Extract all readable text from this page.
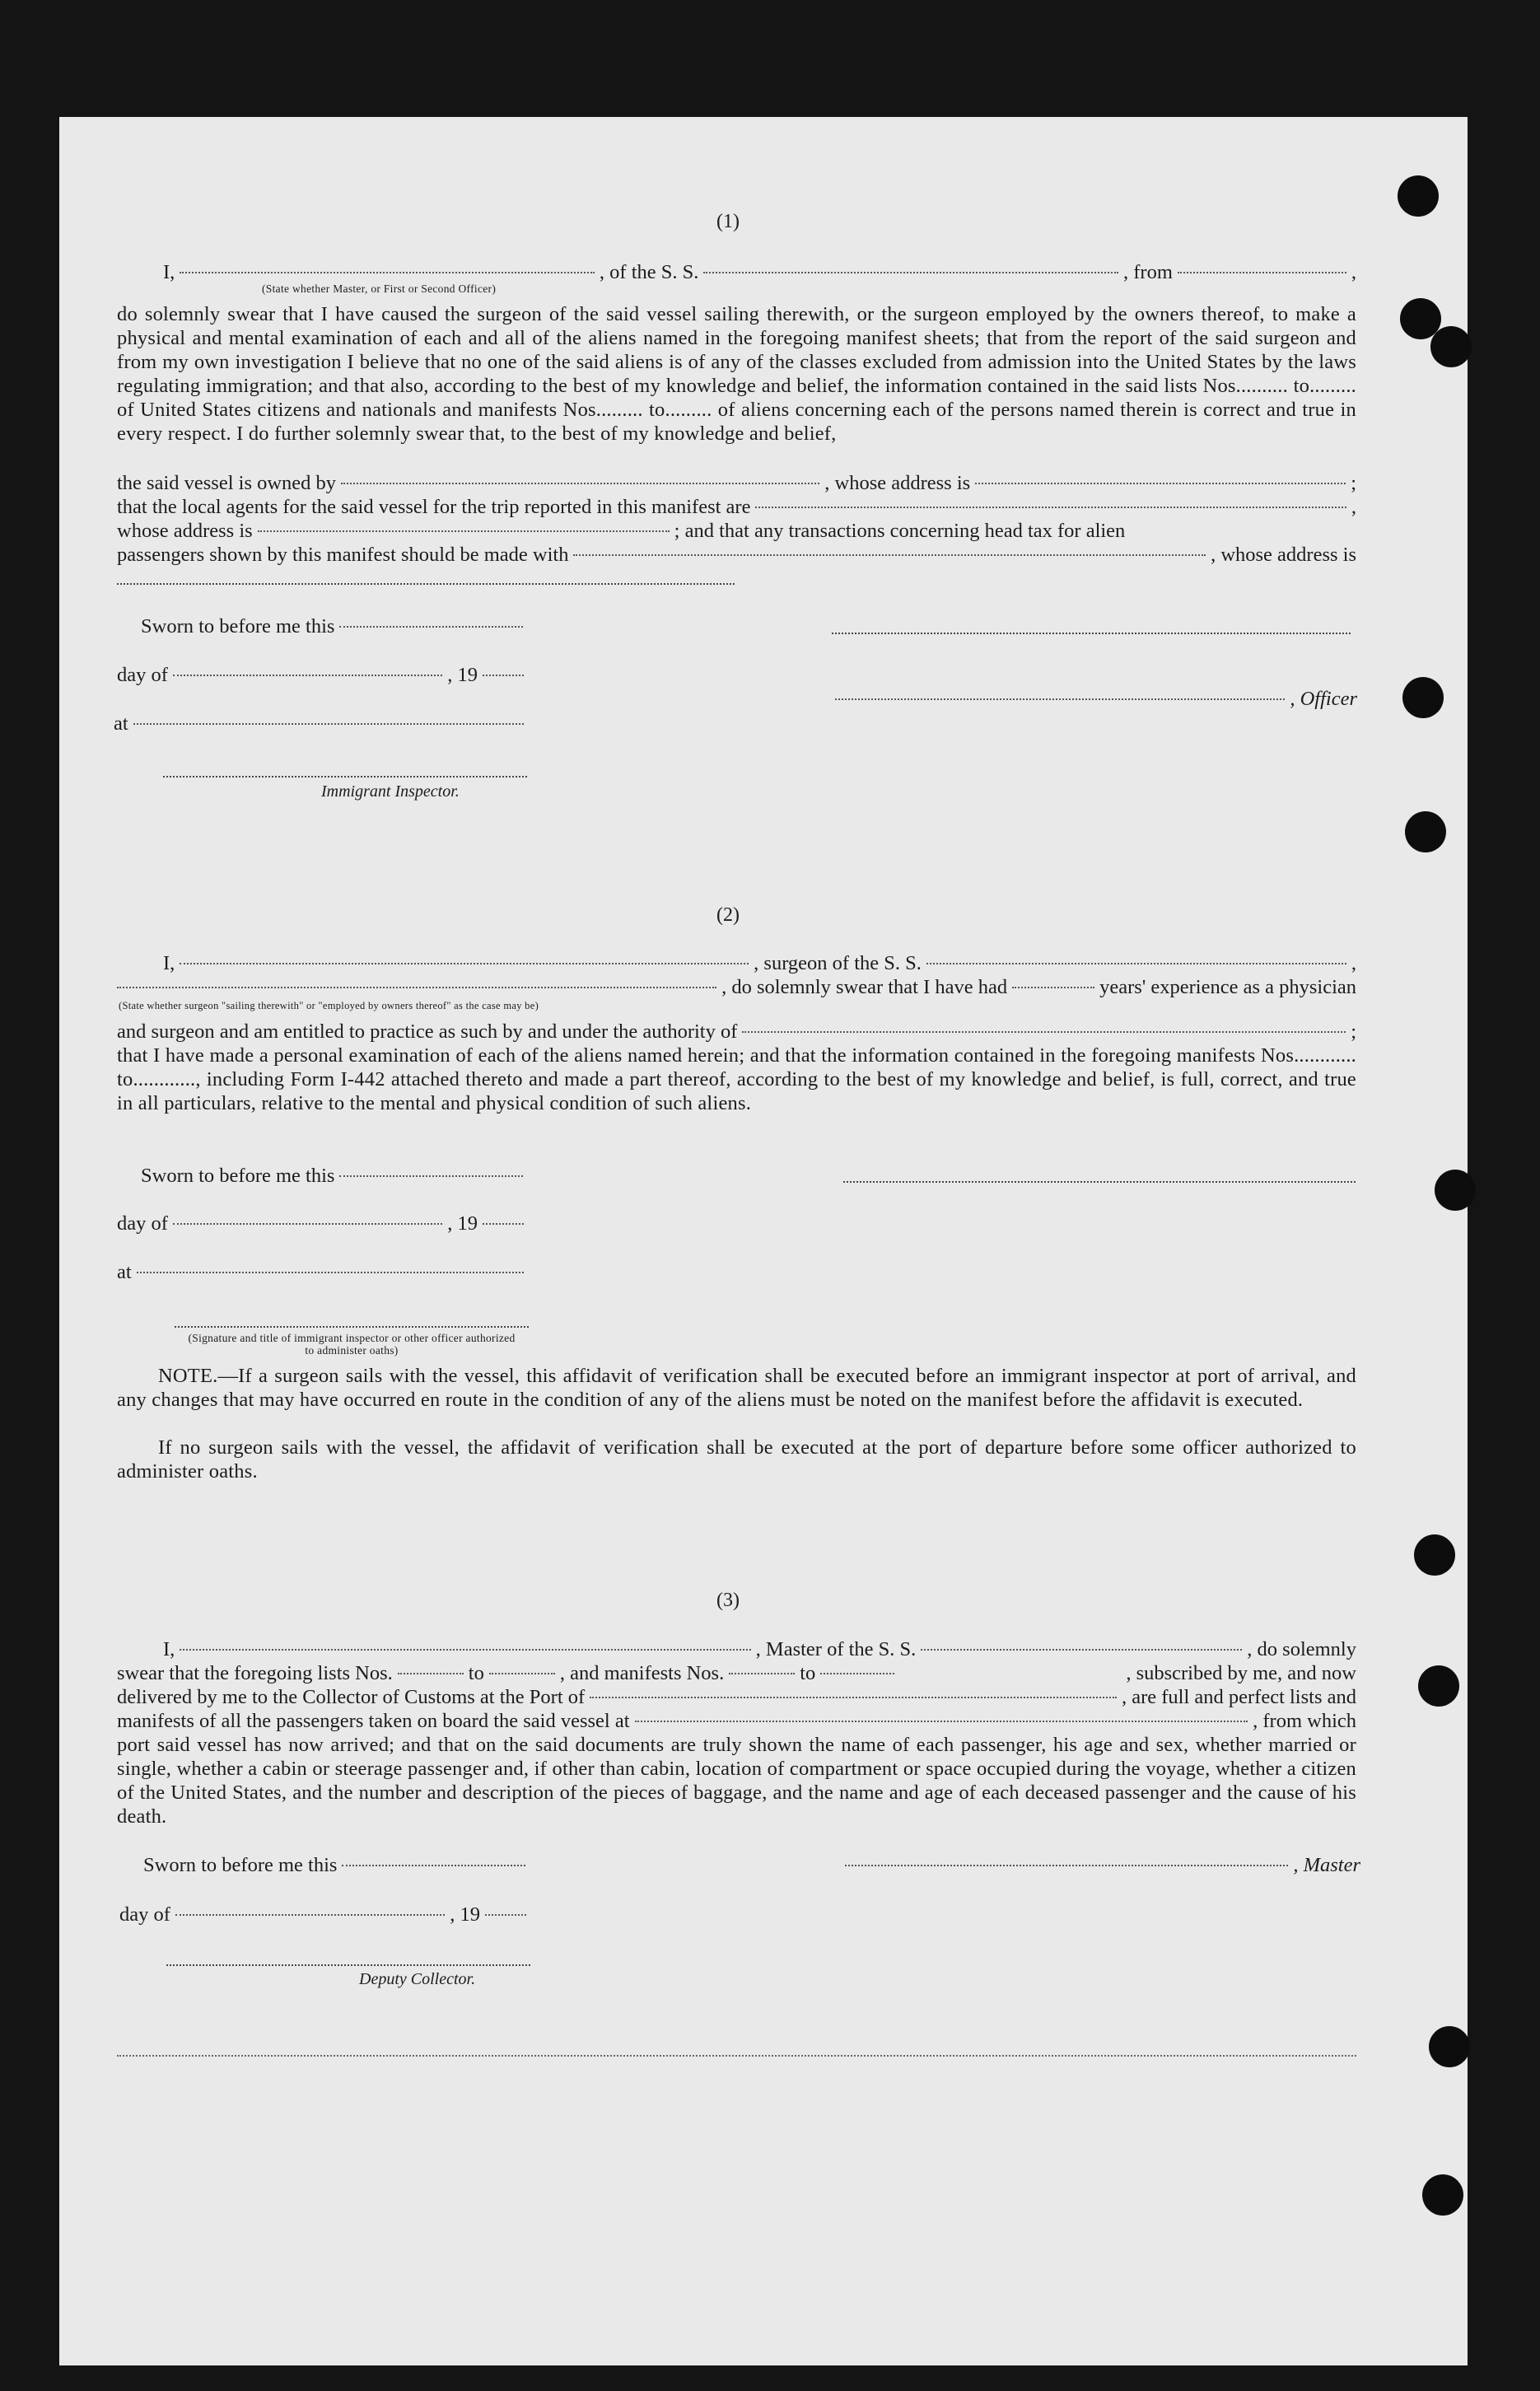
(1)
I,	, of the S. S.	, from	,
(State whether Master, or First or Second Officer)
do solemnly swear that I have caused the surgeon of the said vessel sailing therewith, or the surgeon employed by the owners thereof, to make a physical and mental examination of each and all of the aliens named in the foregoing manifest sheets; that from the report of the said surgeon and from my own investigation I believe that no one of the said aliens is of any of the classes excluded from admission into the United States by the laws regulating immigration; and that also, according to the best of my knowledge and belief, the information contained in the said lists Nos.......... to......... of United States citizens and nationals and manifests Nos......... to......... of aliens concerning each of the persons named therein is correct and true in every respect. I do further solemnly swear that, to the best of my knowledge and belief,
the said vessel is owned by	, whose address is	;
that the local agents for the said vessel for the trip reported in this manifest are	,
whose address is	; and that any transactions concerning head tax for alien
passengers shown by this manifest should be made with	, whose address is
Sworn to before me this
day of	, 19
, Officer
at
Immigrant Inspector.
(2)
I,	, surgeon of the S. S.	,
, do solemnly swear that I have had	years' experience as a physician
(State whether surgeon "sailing therewith" or "employed by owners thereof" as the case may be)
and surgeon and am entitled to practice as such by and under the authority of	;
that I have made a personal examination of each of the aliens named herein; and that the information contained in the foregoing manifests Nos............ to............, including Form I-442 attached thereto and made a part thereof, according to the best of my knowledge and belief, is full, correct, and true in all particulars, relative to the mental and physical condition of such aliens.
Sworn to before me this
day of	, 19
at
(Signature and title of immigrant inspector or other officer authorized to administer oaths)
NOTE.—If a surgeon sails with the vessel, this affidavit of verification shall be executed before an immigrant inspector at port of arrival, and any changes that may have occurred en route in the condition of any of the aliens must be noted on the manifest before the affidavit is executed.
If no surgeon sails with the vessel, the affidavit of verification shall be executed at the port of departure before some officer authorized to administer oaths.
(3)
I,	, Master of the S. S.	, do solemnly
swear that the foregoing lists Nos.	to	, and manifests Nos.	to	, subscribed by me, and now
delivered by me to the Collector of Customs at the Port of	, are full and perfect lists and
manifests of all the passengers taken on board the said vessel at	, from which
port said vessel has now arrived; and that on the said documents are truly shown the name of each passenger, his age and sex, whether married or single, whether a cabin or steerage passenger and, if other than cabin, location of compartment or space occupied during the voyage, whether a citizen of the United States, and the number and description of the pieces of baggage, and the name and age of each deceased passenger and the cause of his death.
Sworn to before me this	, Master
day of	, 19
Deputy Collector.
